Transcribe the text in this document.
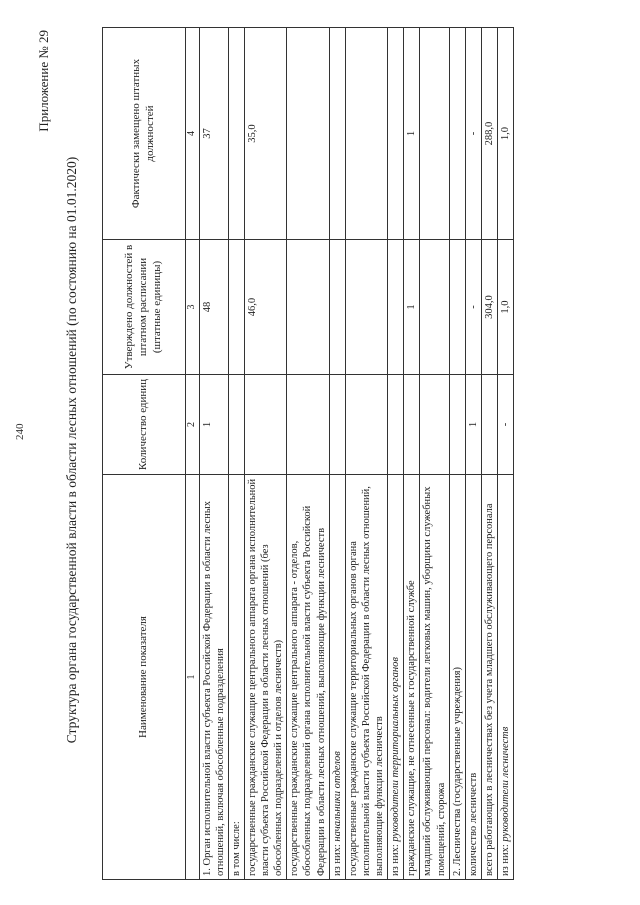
240
Приложение № 29
Структура органа государственной власти в области лесных отношений (по состоянию на 01.01.2020)	Наименование показателя	Количество единиц	Утверждено должностей в штатном расписании (штатные единицы)	Фактически замещено штатных должностей
1	2	3	4
1. Орган исполнительной власти субъекта Российской Федерации в области лесных отношений, включая обособленные подразделения	1	48	37
в том числе:			
государственные гражданские служащие центрального аппарата органа исполнительной власти субъекта Российской Федерации в области лесных отношений (без обособленных подразделений и отделов лесничеств)		46,0	35,0
государственные гражданские служащие центрального аппарата - отделов, обособленных подразделений органа исполнительной власти субъекта Российской Федерации в области лесных отношений, выполняющие функции лесничеств			
из них: начальники отделов			
государственные гражданские служащие территориальных органов органа исполнительной власти субъекта Российской Федерации в области лесных отношений, выполняющие функции лесничеств			
из них: руководители территориальных органов			
гражданские служащие, не отнесенные к государственной службе		1	1
младший обслуживающий персонал: водители легковых машин, уборщики служебных помещений, сторожа			
2. Лесничества (государственные учреждения)			
количество лесничеств	1	-	-
всего работающих в лесничествах без учета младшего обслуживающего персонала		304,0	288,0
из них: руководители лесничеств	-	1,0	1,0
